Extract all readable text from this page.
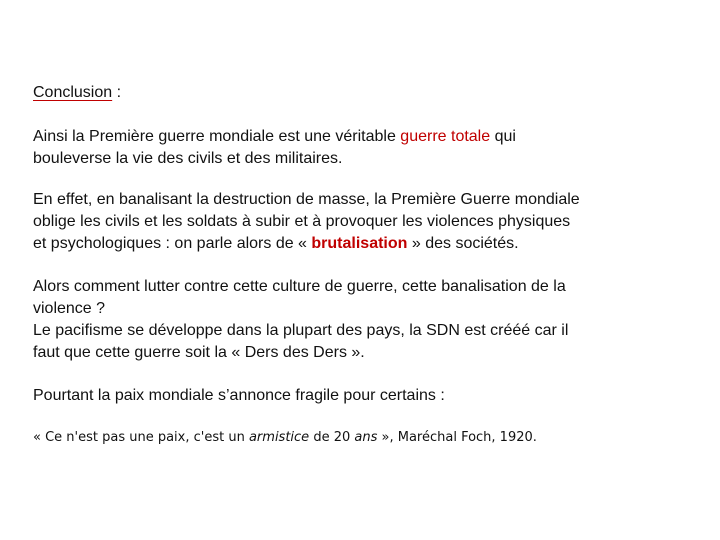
Conclusion :

Ainsi la Première guerre mondiale est une véritable guerre totale qui
bouleverse la vie des civils et des militaires.

En effet, en banalisant la destruction de masse, la Première Guerre mondiale
oblige les civils et les soldats à subir et à provoquer les violences physiques
et psychologiques : on parle alors de « brutalisation » des sociétés.

Alors comment lutter contre cette culture de guerre, cette banalisation de la
violence ?
Le pacifisme se développe dans la plupart des pays, la SDN est crééé car il
faut que cette guerre soit la « Ders des Ders ».

Pourtant la paix mondiale s’annonce fragile pour certains :

« Ce n'est pas une paix, c'est un armistice de 20 ans », Maréchal Foch, 1920.
